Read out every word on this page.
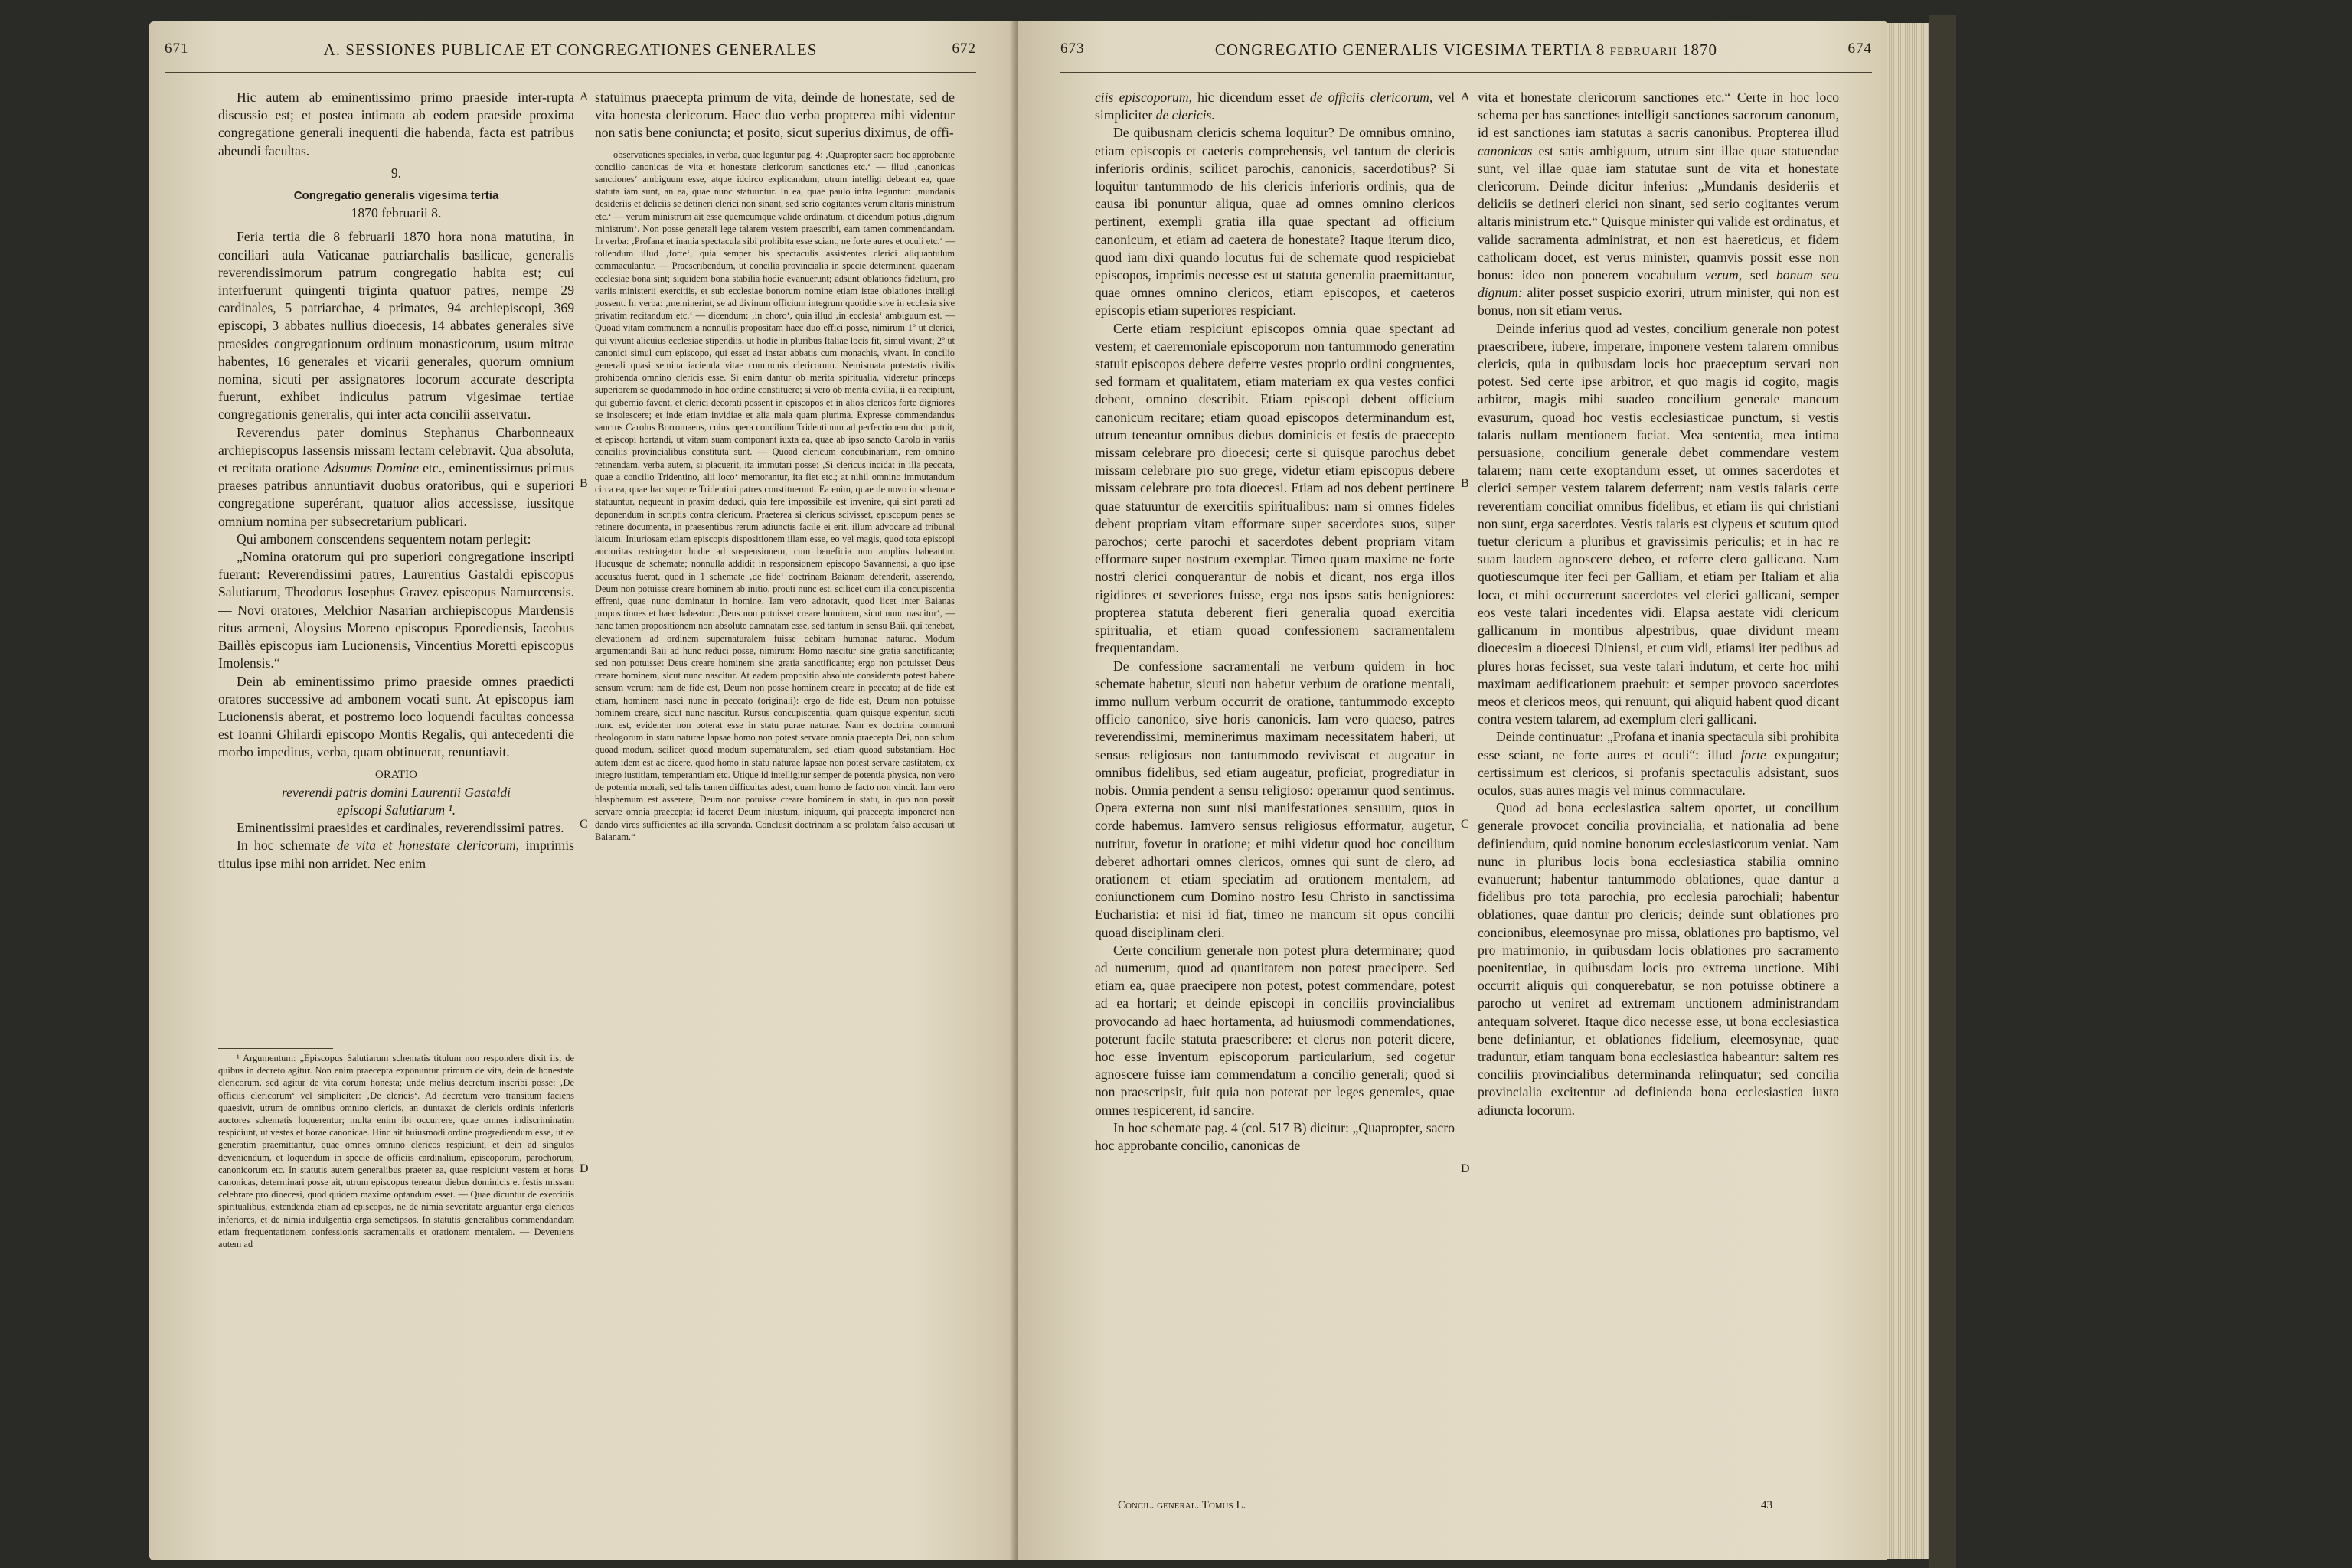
671	A. SESSIONES PUBLICAE ET CONGREGATIONES GENERALES	672

Hic autem ab eminentissimo primo praeside inter-rupta discussio est; et postea intimata ab eodem praeside proxima congregatione generali inequenti die habenda, facta est patribus abeundi facultas.

9.

Congregatio generalis vigesima tertia

1870 februarii 8.

Feria tertia die 8 februarii 1870 hora nona matutina, in conciliari aula Vaticanae patriarchalis basilicae, generalis reverendissimorum patrum congregatio habita est; cui interfuerunt quingenti triginta quatuor patres, nempe 29 cardinales, 5 patriarchae, 4 primates, 94 archiepiscopi, 369 episcopi, 3 abbates nullius dioecesis, 14 abbates generales sive praesides congregationum ordinum monasticorum, usum mitrae habentes, 16 generales et vicarii generales, quorum omnium nomina, sicuti per assignatores locorum accurate descripta fuerunt, exhibet indiculus patrum vigesimae tertiae congregationis generalis, qui inter acta concilii asservatur.

Reverendus pater dominus Stephanus Charbonneaux archiepiscopus Iassensis missam lectam celebravit. Qua absoluta, et recitata oratione Adsumus Domine etc., eminentissimus primus praeses patribus annuntiavit duobus oratoribus, qui e superiori congregatione superérant, quatuor alios accessisse, iussitque omnium nomina per subsecretarium publicari.

Qui ambonem conscendens sequentem notam perlegit:

„Nomina oratorum qui pro superiori congregatione inscripti fuerant: Reverendissimi patres, Laurentius Gastaldi episcopus Salutiarum, Theodorus Iosephus Gravez episcopus Namurcensis. — Novi oratores, Melchior Nasarian archiepiscopus Mardensis ritus armeni, Aloysius Moreno episcopus Eporediensis, Iacobus Baillès episcopus iam Lucionensis, Vincentius Moretti episcopus Imolensis.“

Dein ab eminentissimo primo praeside omnes praedicti oratores successive ad ambonem vocati sunt. At episcopus iam Lucionensis aberat, et postremo loco loquendi facultas concessa est Ioanni Ghilardi episcopo Montis Regalis, qui antecedenti die morbo impeditus, verba, quam obtinuerat, renuntiavit.

ORATIO

reverendi patris domini Laurentii Gastaldi

episcopi Salutiarum ¹.

Eminentissimi praesides et cardinales, reverendissimi patres.

In hoc schemate de vita et honestate clericorum, imprimis titulus ipse mihi non arridet. Nec enim

¹ Argumentum: „Episcopus Salutiarum schematis titulum non respondere dixit iis, de quibus in decreto agitur. Non enim praecepta exponuntur primum de vita, dein de honestate clericorum, sed agitur de vita eorum honesta; unde melius decretum inscribi posse: ‚De officiis clericorum‘ vel simpliciter: ‚De clericis‘. Ad decretum vero transitum faciens quaesivit, utrum de omnibus omnino clericis, an duntaxat de clericis ordinis inferioris auctores schematis loquerentur; multa enim ibi occurrere, quae omnes indiscriminatim respiciunt, ut vestes et horae canonicae. Hinc ait huiusmodi ordine progrediendum esse, ut ea generatim praemittantur, quae omnes omnino clericos respiciunt, et dein ad singulos deveniendum, et loquendum in specie de officiis cardinalium, episcoporum, parochorum, canonicorum etc. In statutis autem generalibus praeter ea, quae respiciunt vestem et horas canonicas, determinari posse ait, utrum episcopus teneatur diebus dominicis et festis missam celebrare pro dioecesi, quod quidem maxime optandum esset. — Quae dicuntur de exercitiis spiritualibus, extendenda etiam ad episcopos, ne de nimia severitate arguantur erga clericos inferiores, et de nimia indulgentia erga semetipsos. In statutis generalibus commendandam etiam frequentationem confessionis sacramentalis et orationem mentalem. — Deveniens autem ad

A
B
C
D

statuimus praecepta primum de vita, deinde de honestate, sed de vita honesta clericorum. Haec duo verba propterea mihi videntur non satis bene coniuncta; et posito, sicut superius diximus, de offi-

observationes speciales, in verba, quae leguntur pag. 4: ‚Quapropter sacro hoc approbante concilio canonicas de vita et honestate clericorum sanctiones etc.‘ — illud ‚canonicas sanctiones‘ ambiguum esse, atque idcirco explicandum, utrum intelligi debeant ea, quae statuta iam sunt, an ea, quae nunc statuuntur. In ea, quae paulo infra leguntur: ‚mundanis desideriis et deliciis se detineri clerici non sinant, sed serio cogitantes verum altaris ministrum etc.‘ — verum ministrum ait esse quemcumque valide ordinatum, et dicendum potius ‚dignum ministrum‘. Non posse generali lege talarem vestem praescribi, eam tamen commendandam. In verba: ‚Profana et inania spectacula sibi prohibita esse sciant, ne forte aures et oculi etc.‘ — tollendum illud ‚forte‘, quia semper his spectaculis assistentes clerici aliquantulum commaculantur. — Praescribendum, ut concilia provincialia in specie determinent, quaenam ecclesiae bona sint; siquidem bona stabilia hodie evanuerunt; adsunt oblationes fidelium, pro variis ministerii exercitiis, et sub ecclesiae bonorum nomine etiam istae oblationes intelligi possent. In verba: ‚meminerint, se ad divinum officium integrum quotidie sive in ecclesia sive privatim recitandum etc.‘ — dicendum: ‚in choro‘, quia illud ‚in ecclesia‘ ambiguum est. — Quoad vitam communem a nonnullis propositam haec duo effici posse, nimirum 1º ut clerici, qui vivunt alicuius ecclesiae stipendiis, ut hodie in pluribus Italiae locis fit, simul vivant; 2º ut canonici simul cum episcopo, qui esset ad instar abbatis cum monachis, vivant. In concilio generali quasi semina iacienda vitae communis clericorum. Nemismata potestatis civilis prohibenda omnino clericis esse. Si enim dantur ob merita spiritualia, videretur princeps superiorem se quodammodo in hoc ordine constituere; si vero ob merita civilia, ii ea recipiunt, qui gubernio favent, et clerici decorati possent in episcopos et in alios clericos forte digniores se insolescere; et inde etiam invidiae et alia mala quam plurima. Expresse commendandus sanctus Carolus Borromaeus, cuius opera concilium Tridentinum ad perfectionem duci potuit, et episcopi hortandi, ut vitam suam componant iuxta ea, quae ab ipso sancto Carolo in variis conciliis provincialibus constituta sunt. — Quoad clericum concubinarium, rem omnino retinendam, verba autem, si placuerit, ita immutari posse: ‚Si clericus incidat in illa peccata, quae a concilio Tridentino, alii loco‘ memorantur, ita fiet etc.; at nihil omnino immutandum circa ea, quae hac super re Tridentini patres constituerunt. Ea enim, quae de novo in schemate statuuntur, nequeunt in praxim deduci, quia fere impossibile est invenire, qui sint parati ad deponendum in scriptis contra clericum. Praeterea si clericus scivisset, episcopum penes se retinere documenta, in praesentibus rerum adiunctis facile ei erit, illum advocare ad tribunal laicum. Iniuriosam etiam episcopis dispositionem illam esse, eo vel magis, quod tota episcopi auctoritas restringatur hodie ad suspensionem, cum beneficia non amplius habeantur. Hucusque de schemate; nonnulla addidit in responsionem episcopo Savannensi, a quo ipse accusatus fuerat, quod in 1 schemate ‚de fide‘ doctrinam Baianam defenderit, asserendo, Deum non potuisse creare hominem ab initio, prouti nunc est, scilicet cum illa concupiscentia effreni, quae nunc dominatur in homine. Iam vero adnotavit, quod licet inter Baianas propositiones et haec habeatur: ‚Deus non potuisset creare hominem, sicut nunc nascitur‘, — hanc tamen propositionem non absolute damnatam esse, sed tantum in sensu Baii, qui tenebat, elevationem ad ordinem supernaturalem fuisse debitam humanae naturae. Modum argumentandi Baii ad hunc reduci posse, nimirum: Homo nascitur sine gratia sanctificante; sed non potuisset Deus creare hominem sine gratia sanctificante; ergo non potuisset Deus creare hominem, sicut nunc nascitur. At eadem propositio absolute considerata potest habere sensum verum; nam de fide est, Deum non posse hominem creare in peccato; at de fide est etiam, hominem nasci nunc in peccato (originali): ergo de fide est, Deum non potuisse hominem creare, sicut nunc nascitur. Rursus concupiscentia, quam quisque experitur, sicuti nunc est, evidenter non poterat esse in statu purae naturae. Nam ex doctrina communi theologorum in statu naturae lapsae homo non potest servare omnia praecepta Dei, non solum quoad modum, scilicet quoad modum supernaturalem, sed etiam quoad substantiam. Hoc autem idem est ac dicere, quod homo in statu naturae lapsae non potest servare castitatem, ex integro iustitiam, temperantiam etc. Utique id intelligitur semper de potentia physica, non vero de potentia morali, sed talis tamen difficultas adest, quam homo de facto non vincit. Iam vero blasphemum est asserere, Deum non potuisse creare hominem in statu, in quo non possit servare omnia praecepta; id faceret Deum iniustum, iniquum, qui praecepta imponeret non dando vires sufficientes ad illa servanda. Conclusit doctrinam a se prolatam falso accusari ut Baianam.“

673	CONGREGATIO GENERALIS VIGESIMA TERTIA 8 februarii 1870	674

ciis episcoporum, hic dicendum esset de officiis clericorum, vel simpliciter de clericis.

De quibusnam clericis schema loquitur? De omnibus omnino, etiam episcopis et caeteris comprehensis, vel tantum de clericis inferioris ordinis, scilicet parochis, canonicis, sacerdotibus? Si loquitur tantummodo de his clericis inferioris ordinis, qua de causa ibi ponuntur aliqua, quae ad omnes omnino clericos pertinent, exempli gratia illa quae spectant ad officium canonicum, et etiam ad caetera de honestate? Itaque iterum dico, quod iam dixi quando locutus fui de schemate quod respiciebat episcopos, imprimis necesse est ut statuta generalia praemittantur, quae omnes omnino clericos, etiam episcopos, et caeteros episcopis etiam superiores respiciant.

Certe etiam respiciunt episcopos omnia quae spectant ad vestem; et caeremoniale episcoporum non tantummodo generatim statuit episcopos debere deferre vestes proprio ordini congruentes, sed formam et qualitatem, etiam materiam ex qua vestes confici debent, omnino describit. Etiam episcopi debent officium canonicum recitare; etiam quoad episcopos determinandum est, utrum teneantur omnibus diebus dominicis et festis de praecepto missam celebrare pro dioecesi; certe si quisque parochus debet missam celebrare pro suo grege, videtur etiam episcopus debere missam celebrare pro tota dioecesi. Etiam ad nos debent pertinere quae statuuntur de exercitiis spiritualibus: nam si omnes fideles debent propriam vitam efformare super sacerdotes suos, super parochos; certe parochi et sacerdotes debent propriam vitam efformare super nostrum exemplar. Timeo quam maxime ne forte nostri clerici conquerantur de nobis et dicant, nos erga illos rigidiores et severiores fuisse, erga nos ipsos satis benigniores: propterea statuta deberent fieri generalia quoad exercitia spiritualia, et etiam quoad confessionem sacramentalem frequentandam.

De confessione sacramentali ne verbum quidem in hoc schemate habetur, sicuti non habetur verbum de oratione mentali, immo nullum verbum occurrit de oratione, tantummodo excepto officio canonico, sive horis canonicis. Iam vero quaeso, patres reverendissimi, meminerimus maximam necessitatem haberi, ut sensus religiosus non tantummodo reviviscat et augeatur in omnibus fidelibus, sed etiam augeatur, proficiat, progrediatur in nobis. Omnia pendent a sensu religioso: operamur quod sentimus. Opera externa non sunt nisi manifestationes sensuum, quos in corde habemus. Iamvero sensus religiosus efformatur, augetur, nutritur, fovetur in oratione; et mihi videtur quod hoc concilium deberet adhortari omnes clericos, omnes qui sunt de clero, ad orationem et etiam speciatim ad orationem mentalem, ad coniunctionem cum Domino nostro Iesu Christo in sanctissima Eucharistia: et nisi id fiat, timeo ne mancum sit opus concilii quoad disciplinam cleri.

Certe concilium generale non potest plura determinare; quod ad numerum, quod ad quantitatem non potest praecipere. Sed etiam ea, quae praecipere non potest, potest commendare, potest ad ea hortari; et deinde episcopi in conciliis provincialibus provocando ad haec hortamenta, ad huiusmodi commendationes, poterunt facile statuta praescribere: et clerus non poterit dicere, hoc esse inventum episcoporum particularium, sed cogetur agnoscere fuisse iam commendatum a concilio generali; quod si non praescripsit, fuit quia non poterat per leges generales, quae omnes respicerent, id sancire.

In hoc schemate pag. 4 (col. 517 B) dicitur: „Quapropter, sacro hoc approbante concilio, canonicas de

Concil. general. Tomus L.	43
A
B
C
D

vita et honestate clericorum sanctiones etc.“ Certe in hoc loco schema per has sanctiones intelligit sanctiones sacrorum canonum, id est sanctiones iam statutas a sacris canonibus. Propterea illud canonicas est satis ambiguum, utrum sint illae quae statuendae sunt, vel illae quae iam statutae sunt de vita et honestate clericorum. Deinde dicitur inferius: „Mundanis desideriis et deliciis se detineri clerici non sinant, sed serio cogitantes verum altaris ministrum etc.“ Quisque minister qui valide est ordinatus, et valide sacramenta administrat, et non est haereticus, et fidem catholicam docet, est verus minister, quamvis possit esse non bonus: ideo non ponerem vocabulum verum, sed bonum seu dignum: aliter posset suspicio exoriri, utrum minister, qui non est bonus, non sit etiam verus.

Deinde inferius quod ad vestes, concilium generale non potest praescribere, iubere, imperare, imponere vestem talarem omnibus clericis, quia in quibusdam locis hoc praeceptum servari non potest. Sed certe ipse arbitror, et quo magis id cogito, magis arbitror, magis mihi suadeo concilium generale mancum evasurum, quoad hoc vestis ecclesiasticae punctum, si vestis talaris nullam mentionem faciat. Mea sententia, mea intima persuasione, concilium generale debet commendare vestem talarem; nam certe exoptandum esset, ut omnes sacerdotes et clerici semper vestem talarem deferrent; nam vestis talaris certe reverentiam conciliat omnibus fidelibus, et etiam iis qui christiani non sunt, erga sacerdotes. Vestis talaris est clypeus et scutum quod tuetur clericum a pluribus et gravissimis periculis; et in hac re suam laudem agnoscere debeo, et referre clero gallicano. Nam quotiescumque iter feci per Galliam, et etiam per Italiam et alia loca, et mihi occurrerunt sacerdotes vel clerici gallicani, semper eos veste talari incedentes vidi. Elapsa aestate vidi clericum gallicanum in montibus alpestribus, quae dividunt meam dioecesim a dioecesi Diniensi, et cum vidi, etiamsi iter pedibus ad plures horas fecisset, sua veste talari indutum, et certe hoc mihi maximam aedificationem praebuit: et semper provoco sacerdotes meos et clericos meos, qui renuunt, qui aliquid habent quod dicant contra vestem talarem, ad exemplum cleri gallicani.

Deinde continuatur: „Profana et inania spectacula sibi prohibita esse sciant, ne forte aures et oculi“: illud forte expungatur; certissimum est clericos, si profanis spectaculis adsistant, suos oculos, suas aures magis vel minus commaculare.

Quod ad bona ecclesiastica saltem oportet, ut concilium generale provocet concilia provincialia, et nationalia ad bene definiendum, quid nomine bonorum ecclesiasticorum veniat. Nam nunc in pluribus locis bona ecclesiastica stabilia omnino evanuerunt; habentur tantummodo oblationes, quae dantur a fidelibus pro tota parochia, pro ecclesia parochiali; habentur oblationes, quae dantur pro clericis; deinde sunt oblationes pro concionibus, eleemosynae pro missa, oblationes pro baptismo, vel pro matrimonio, in quibusdam locis oblationes pro sacramento poenitentiae, in quibusdam locis pro extrema unctione. Mihi occurrit aliquis qui conquerebatur, se non potuisse obtinere a parocho ut veniret ad extremam unctionem administrandam antequam solveret. Itaque dico necesse esse, ut bona ecclesiastica bene definiantur, et oblationes fidelium, eleemosynae, quae traduntur, etiam tanquam bona ecclesiastica habeantur: saltem res conciliis provincialibus determinanda relinquatur; sed concilia provincialia excitentur ad definienda bona ecclesiastica iuxta adiuncta locorum.
